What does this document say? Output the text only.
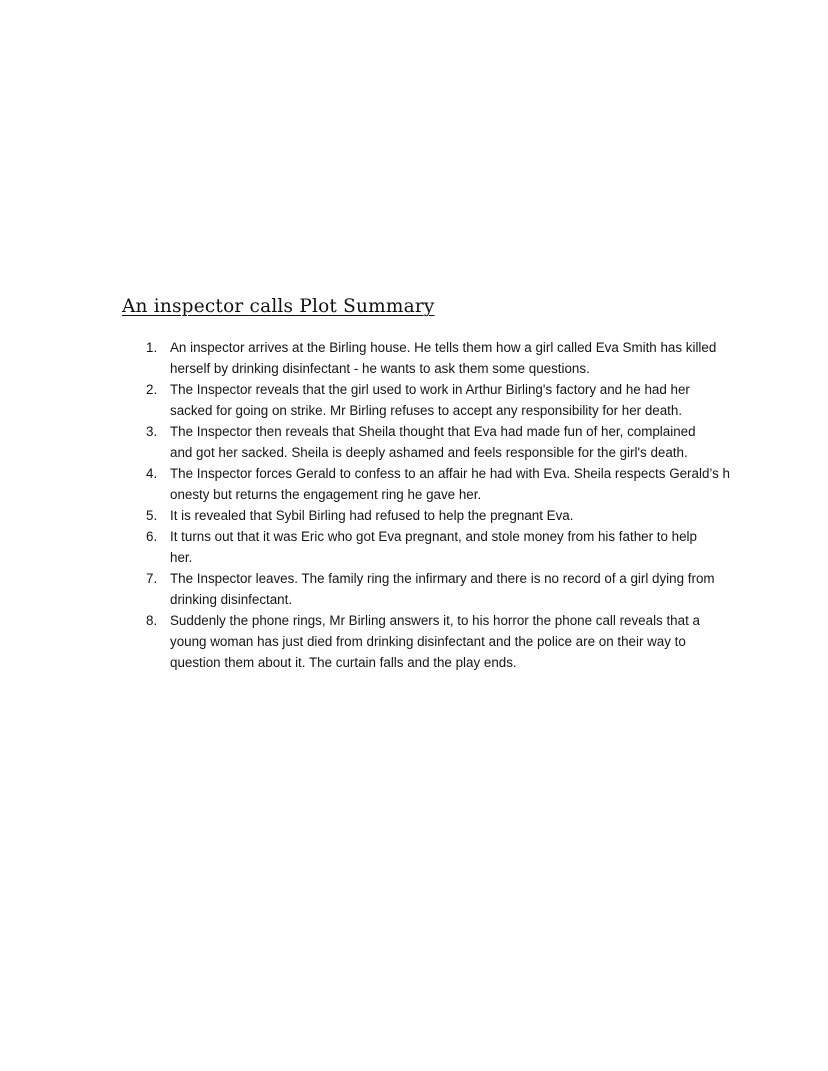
An inspector calls Plot Summary
1. An inspector arrives at the Birling house. He tells them how a girl called Eva Smith has killed
herself by drinking disinfectant - he wants to ask them some questions.
2. The Inspector reveals that the girl used to work in Arthur Birling's factory and he had her
sacked for going on strike. Mr Birling refuses to accept any responsibility for her death.
3. The Inspector then reveals that Sheila thought that Eva had made fun of her, complained
and got her sacked. Sheila is deeply ashamed and feels responsible for the girl's death.
4. The Inspector forces Gerald to confess to an affair he had with Eva. Sheila respects Gerald’s h
onesty but returns the engagement ring he gave her.
5. It is revealed that Sybil Birling had refused to help the pregnant Eva.
6. It turns out that it was Eric who got Eva pregnant, and stole money from his father to help
her.
7. The Inspector leaves. The family ring the infirmary and there is no record of a girl dying from
drinking disinfectant.
8. Suddenly the phone rings, Mr Birling answers it, to his horror the phone call reveals that a
young woman has just died from drinking disinfectant and the police are on their way to
question them about it. The curtain falls and the play ends.
